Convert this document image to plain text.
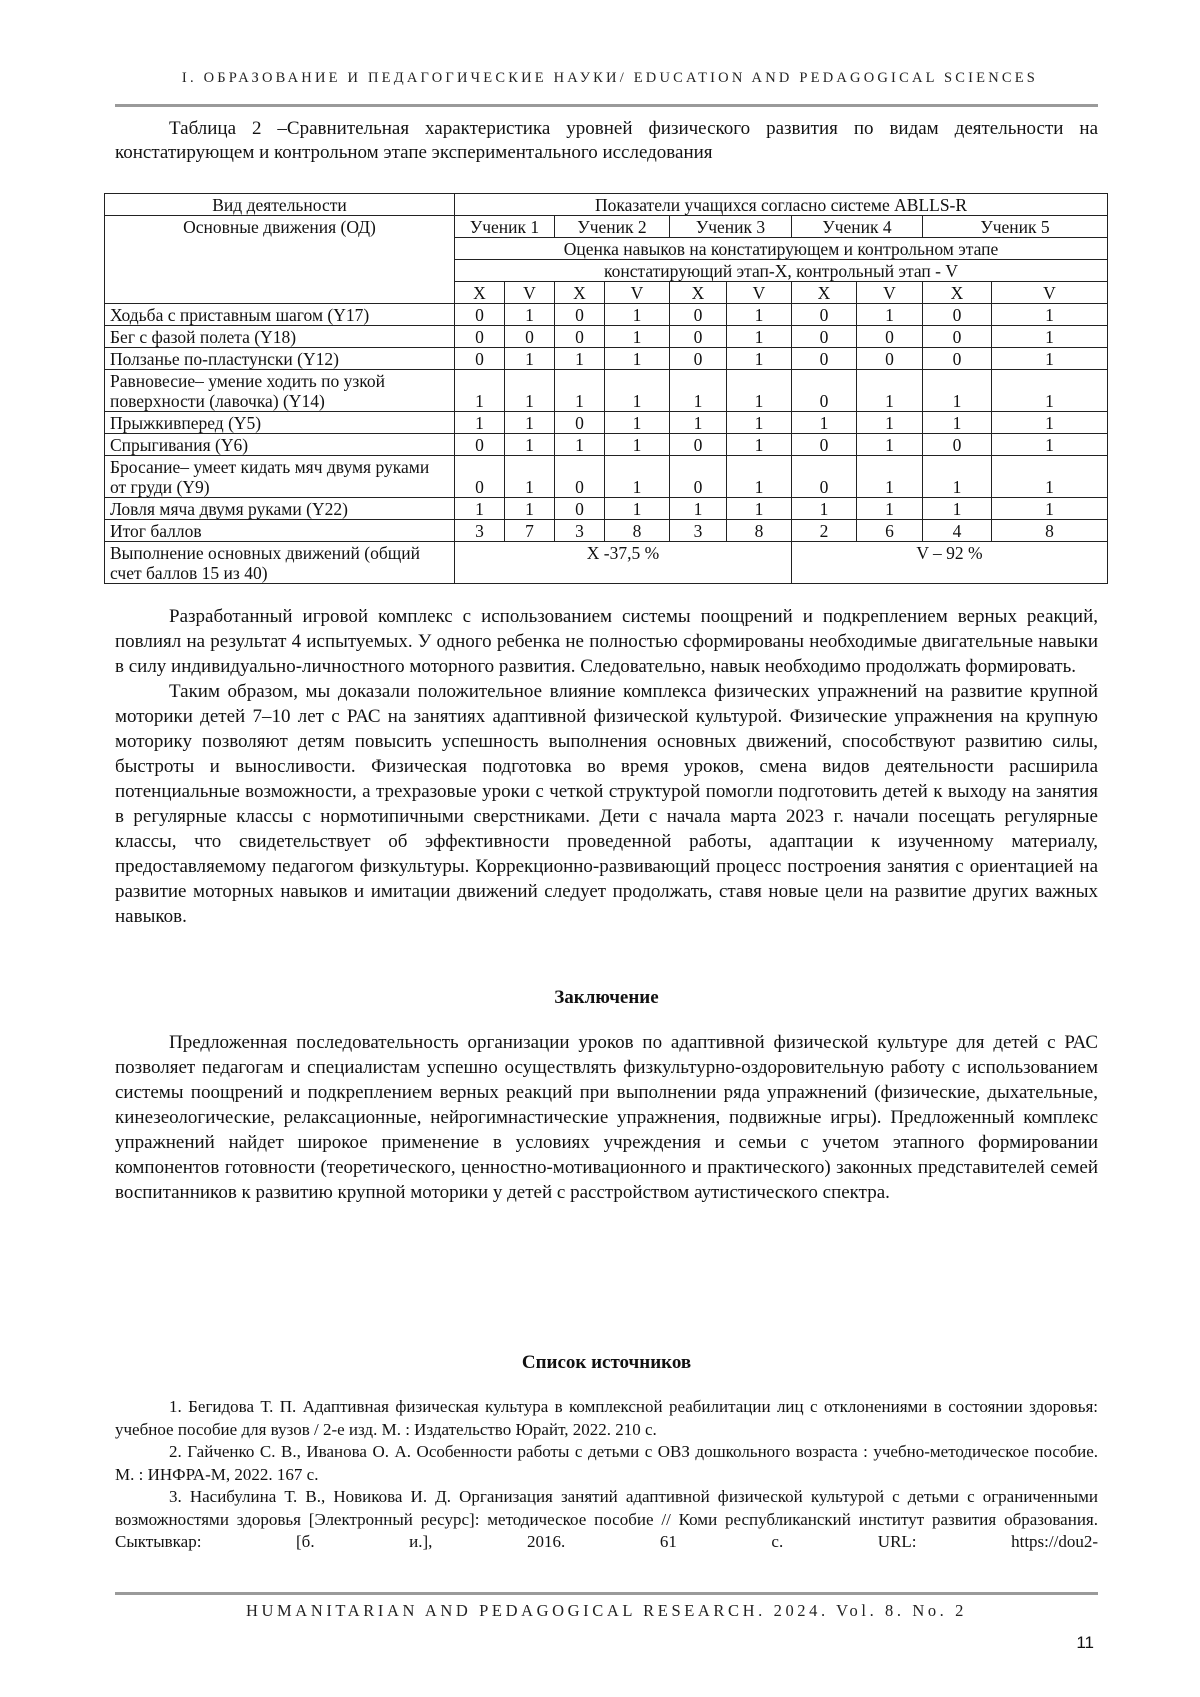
I. ОБРАЗОВАНИЕ И ПЕДАГОГИЧЕСКИЕ НАУКИ/ EDUCATION AND PEDAGOGICAL SCIENCES
Таблица 2 –Сравнительная характеристика уровней физического развития по видам деятельности на констатирующем и контрольном этапе экспериментального исследования
Вид деятельности	Показатели учащихся согласно системе ABLLS-R									
Основные движения (ОД)	Ученик 1		Ученик 2		Ученик 3		Ученик 4		Ученик 5	
	Оценка навыков на констатирующем и контрольном этапе									
	констатирующий этап-X, контрольный этап - V									
	X	V	X	V	X	V	X	V	X	V
Ходьба с приставным шагом (Y17)	0	1	0	1	0	1	0	1	0	1
Бег с фазой полета (Y18)	0	0	0	1	0	1	0	0	0	1
Ползанье по-пластунски (Y12)	0	1	1	1	0	1	0	0	0	1
Равновесие– умение ходить по узкой поверхности (лавочка) (Y14)	1	1	1	1	1	1	0	1	1	1
Прыжкивперед (Y5)	1	1	0	1	1	1	1	1	1	1
Спрыгивания (Y6)	0	1	1	1	0	1	0	1	0	1
Бросание– умеет кидать мяч двумя руками от груди (Y9)	0	1	0	1	0	1	0	1	1	1
Ловля мяча двумя руками (Y22)	1	1	0	1	1	1	1	1	1	1
Итог баллов	3	7	3	8	3	8	2	6	4	8
Выполнение основных движений (общий счет баллов 15 из 40)	X -37,5 %						V – 92 %			

Разработанный игровой комплекс с использованием системы поощрений и подкреплением верных реакций, повлиял на результат 4 испытуемых. У одного ребенка не полностью сформированы необходимые двигательные навыки в силу индивидуально-личностного моторного развития. Следовательно, навык необходимо продолжать формировать.

Таким образом, мы доказали положительное влияние комплекса физических упражнений на развитие крупной моторики детей 7–10 лет с РАС на занятиях адаптивной физической культурой. Физические упражнения на крупную моторику позволяют детям повысить успешность выполнения основных движений, способствуют развитию силы, быстроты и выносливости. Физическая подготовка во время уроков, смена видов деятельности расширила потенциальные возможности, а трехразовые уроки с четкой структурой помогли подготовить детей к выходу на занятия в регулярные классы с нормотипичными сверстниками. Дети с начала марта 2023 г. начали посещать регулярные классы, что свидетельствует об эффективности проведенной работы, адаптации к изученному материалу, предоставляемому педагогом физкультуры. Коррекционно-развивающий процесс построения занятия с ориентацией на развитие моторных навыков и имитации движений следует продолжать, ставя новые цели на развитие других важных навыков.

Заключение

Предложенная последовательность организации уроков по адаптивной физической культуре для детей с РАС позволяет педагогам и специалистам успешно осуществлять физкультурно-оздоровительную работу с использованием системы поощрений и подкреплением верных реакций при выполнении ряда упражнений (физические, дыхательные, кинезеологические, релаксационные, нейрогимнастические упражнения, подвижные игры). Предложенный комплекс упражнений найдет широкое применение в условиях учреждения и семьи с учетом этапного формировании компонентов готовности (теоретического, ценностно-мотивационного и практического) законных представителей семей воспитанников к развитию крупной моторики у детей с расстройством аутистического спектра.

Список источников

1. Бегидова Т. П. Адаптивная физическая культура в комплексной реабилитации лиц с отклонениями в состоянии здоровья: учебное пособие для вузов / 2-е изд. М. : Издательство Юрайт, 2022. 210 с.

2. Гайченко С. В., Иванова О. А. Особенности работы с детьми с ОВЗ дошкольного возраста : учебно-методическое пособие. М. : ИНФРА-М, 2022. 167 с.

3. Насибулина Т. В., Новикова И. Д. Организация занятий адаптивной физической культурой с детьми с ограниченными возможностями здоровья [Электронный ресурс]: методическое пособие // Коми республиканский институт развития образования. Сыктывкар: [б. и.], 2016. 61 с. URL: https://dou2-

HUMANITARIAN AND PEDAGOGICAL RESEARCH. 2024. Vol. 8. No. 2
11
